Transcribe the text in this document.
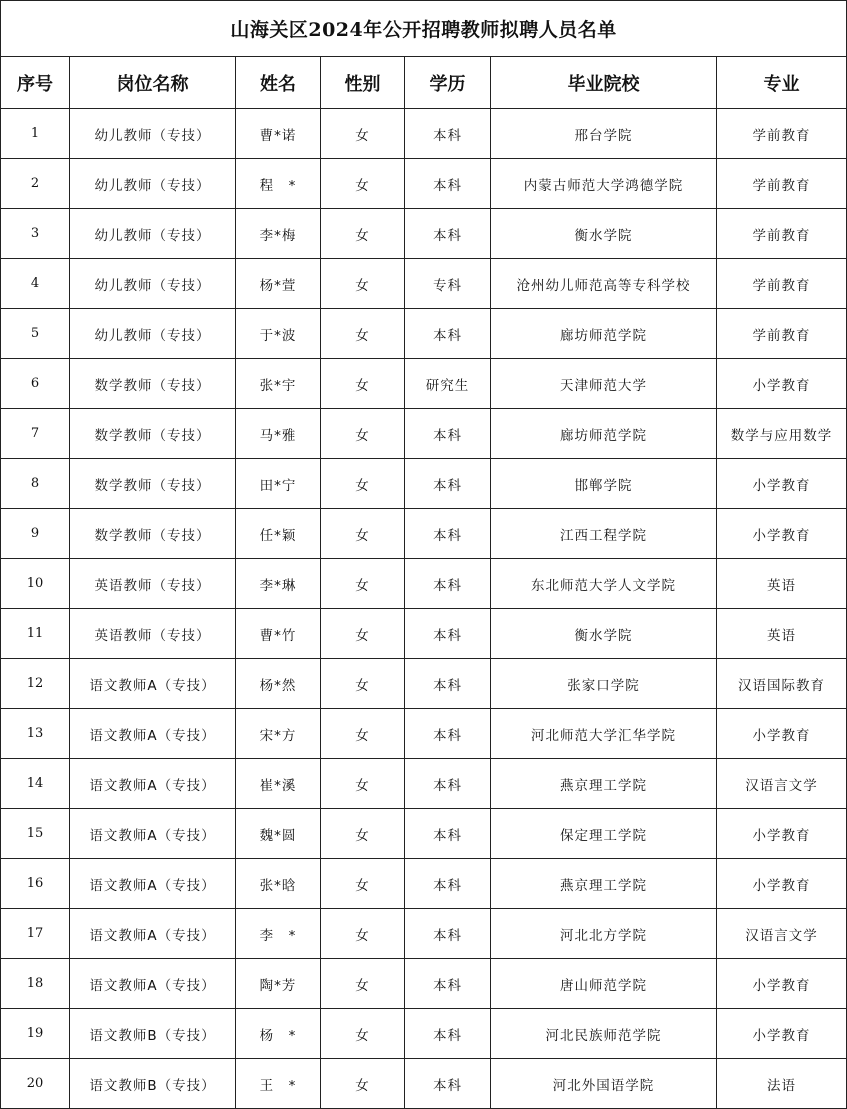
山海关区2024年公开招聘教师拟聘人员名单						
序号	岗位名称	姓名	性别	学历	毕业院校	专业
1	幼儿教师（专技）	曹*诺	女	本科	邢台学院	学前教育
2	幼儿教师（专技）	程　*	女	本科	内蒙古师范大学鸿德学院	学前教育
3	幼儿教师（专技）	李*梅	女	本科	衡水学院	学前教育
4	幼儿教师（专技）	杨*萱	女	专科	沧州幼儿师范高等专科学校	学前教育
5	幼儿教师（专技）	于*波	女	本科	廊坊师范学院	学前教育
6	数学教师（专技）	张*宇	女	研究生	天津师范大学	小学教育
7	数学教师（专技）	马*雅	女	本科	廊坊师范学院	数学与应用数学
8	数学教师（专技）	田*宁	女	本科	邯郸学院	小学教育
9	数学教师（专技）	任*颖	女	本科	江西工程学院	小学教育
10	英语教师（专技）	李*琳	女	本科	东北师范大学人文学院	英语
11	英语教师（专技）	曹*竹	女	本科	衡水学院	英语
12	语文教师A（专技）	杨*然	女	本科	张家口学院	汉语国际教育
13	语文教师A（专技）	宋*方	女	本科	河北师范大学汇华学院	小学教育
14	语文教师A（专技）	崔*溪	女	本科	燕京理工学院	汉语言文学
15	语文教师A（专技）	魏*圆	女	本科	保定理工学院	小学教育
16	语文教师A（专技）	张*晗	女	本科	燕京理工学院	小学教育
17	语文教师A（专技）	李　*	女	本科	河北北方学院	汉语言文学
18	语文教师A（专技）	陶*芳	女	本科	唐山师范学院	小学教育
19	语文教师B（专技）	杨　*	女	本科	河北民族师范学院	小学教育
20	语文教师B（专技）	王　*	女	本科	河北外国语学院	法语
